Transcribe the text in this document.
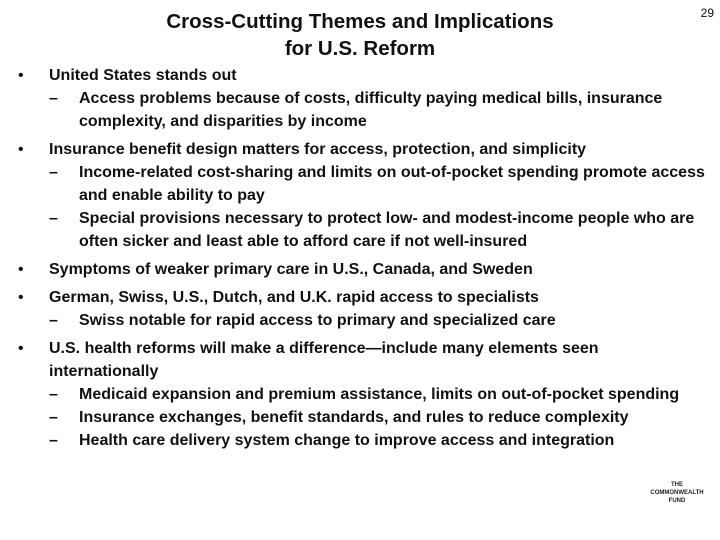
Cross-Cutting Themes and Implications
for U.S. Reform
29
• United States stands out
– Access problems because of costs, difficulty paying medical bills, insurance complexity, and disparities by income
• Insurance benefit design matters for access, protection, and simplicity
– Income-related cost-sharing and limits on out-of-pocket spending promote access and enable ability to pay
– Special provisions necessary to protect low- and modest-income people who are often sicker and least able to afford care if not well-insured
• Symptoms of weaker primary care in U.S., Canada, and Sweden
• German, Swiss, U.S., Dutch, and U.K. rapid access to specialists
– Swiss notable for rapid access to primary and specialized care
• U.S. health reforms will make a difference—include many elements seen internationally
– Medicaid expansion and premium assistance, limits on out-of-pocket spending
– Insurance exchanges, benefit standards, and rules to reduce complexity
– Health care delivery system change to improve access and integration
THE
COMMONWEALTH
FUND
